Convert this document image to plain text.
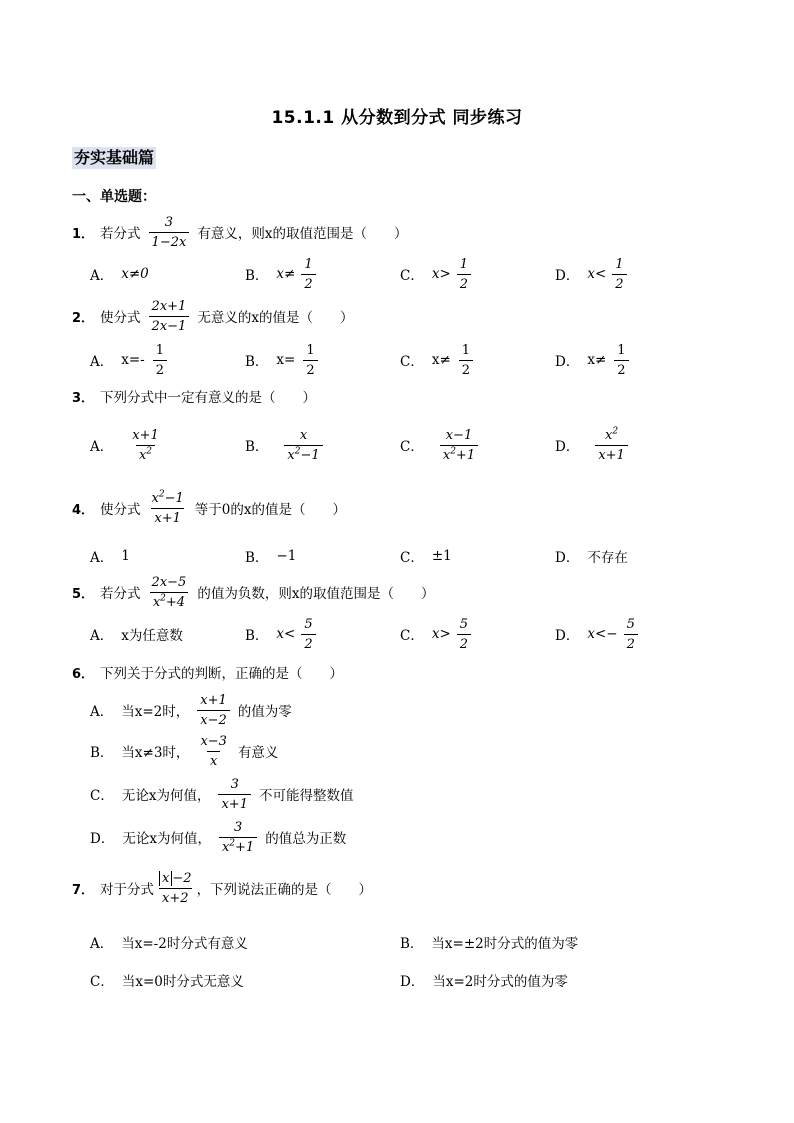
15.1.1 从分数到分式 同步练习
夯实基础篇
一、单选题：
1． 若分式 $\frac{3}{1-2x}$ 有意义，则x的取值范围是（　　）
A． x≠0	B． $x\ne \frac{1}{2}$	C． $x> \frac{1}{2}$	D． $x< \frac{1}{2}$
2． 使分式 $\frac{2x+1}{2x-1}$ 无意义的x的值是（　　）
A． $x=- \frac{1}{2}$	B． $x= \frac{1}{2}$	C． $x\ne \frac{1}{2}$	D． $x\ne \frac{1}{2}$
3． 下列分式中一定有意义的是（　　）
A． $\frac{x+1}{x^2}$	B． $\frac{x}{x^2-1}$	C． $\frac{x-1}{x^2+1}$	D． $\frac{x^2}{x+1}$
4． 使分式 $\frac{x^2-1}{x+1}$ 等于0的x的值是（　　）
A． 1	B． −1	C． ±1	D． 不存在
5． 若分式 $\frac{2x-5}{x^2+4}$ 的值为负数，则x的取值范围是（　　）
A． x为任意数	B． $x< \frac{5}{2}$	C． $x> \frac{5}{2}$	D． $x<- \frac{5}{2}$
6． 下列关于分式的判断，正确的是（　　）
A． 当x=2时， $\frac{x+1}{x-2}$ 的值为零
B． 当x≠3时， $\frac{x-3}{x}$ 有意义
C． 无论x为何值， $\frac{3}{x+1}$ 不可能得整数值
D． 无论x为何值， $\frac{3}{x^2+1}$ 的值总为正数
7． 对于分式 $\frac{x -2}{x+2}$ ，下列说法正确的是（　　）
A． 当x=-2时分式有意义	B． 当x=±2时分式的值为零
C． 当x=0时分式无意义	D． 当x=2时分式的值为零
